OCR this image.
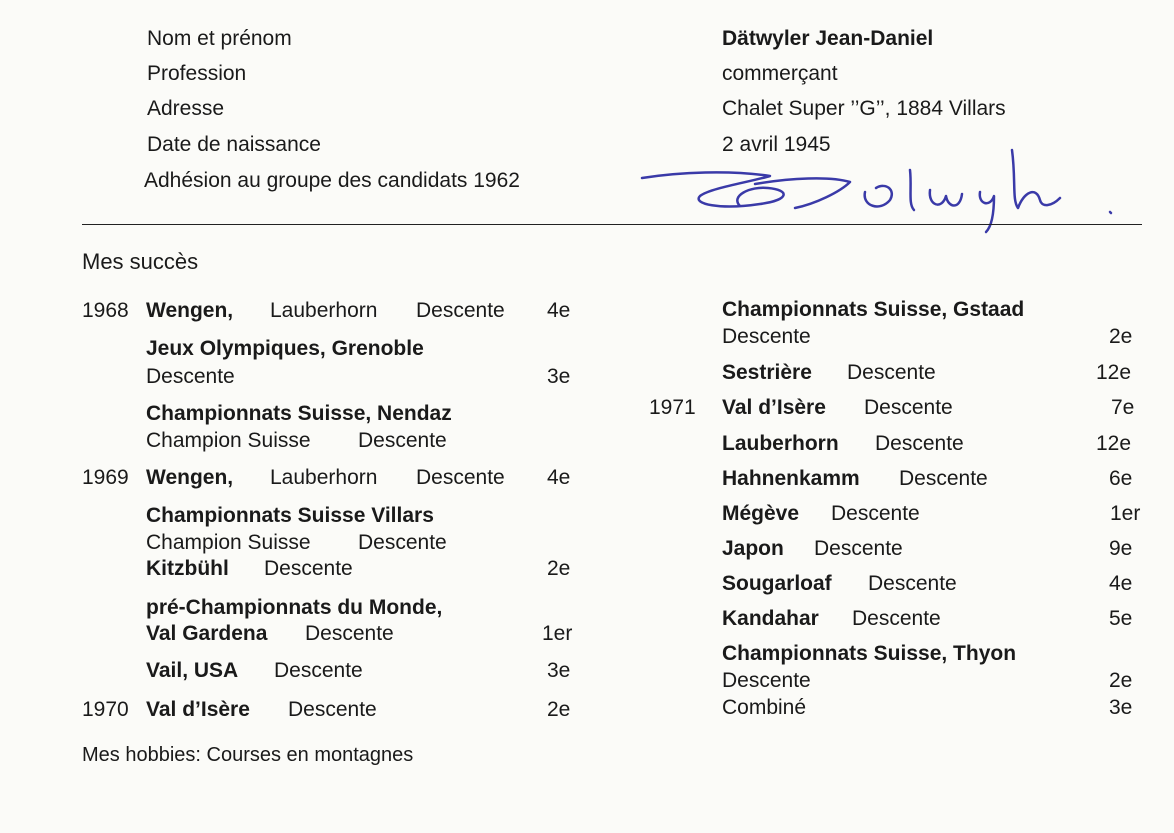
Nom et prénom	Dätwyler Jean-Daniel
Profession	commerçant
Adresse	Chalet Super ’’G’’, 1884 Villars
Date de naissance	2 avril 1945
Adhésion au groupe des candidats 1962
Mes succès
1968 Wengen, Lauberhorn Descente 4e
Jeux Olympiques, Grenoble
Descente	3e
Championnats Suisse, Nendaz
Champion Suisse Descente
1969 Wengen, Lauberhorn Descente 4e
Championnats Suisse Villars
Champion Suisse Descente
Kitzbühl Descente	2e
pré-Championnats du Monde,
Val Gardena Descente	1er
Vail, USA Descente	3e
1970 Val d’Isère Descente	2e
Championnats Suisse, Gstaad
Descente	2e
Sestrière Descente	12e
1971 Val d’Isère Descente	7e
Lauberhorn Descente	12e
Hahnenkamm Descente	6e
Mégève Descente	1er
Japon Descente	9e
Sougarloaf Descente	4e
Kandahar Descente	5e
Championnats Suisse, Thyon
Descente	2e
Combiné	3e
Mes hobbies: Courses en montagnes
